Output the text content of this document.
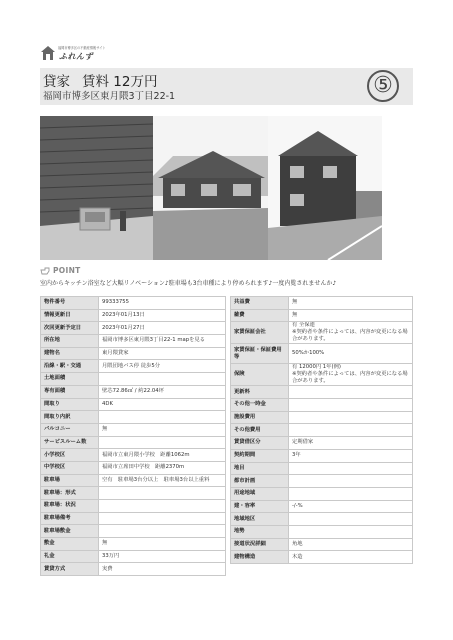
福岡市博多区の不動産情報サイト
ふれんず
貸家 賃料 12万円
福岡市博多区東月隈3丁目22-1	⑤
POINT
室内からキッチン浴室など大幅リノベーション♪駐車場も3台車種により停められます♪一度内覧されませんか♪
物件番号	99333755
情報更新日	2023年01月13日
次回更新予定日	2023年01月27日
所在地	福岡市博多区東月隈3丁目22-1 mapを見る
建物名	東月隈貸家
沿線・駅・交通	月隈団地バス停 徒歩5分
土地面積	
専有面積	壁芯72.86㎡ / 約22.04坪
間取り	4DK
間取り内訳	
バルコニー	無
サービスルーム数	
小学校区	福岡市立東月隈小学校　距離1062m
中学校区	福岡市立席田中学校　距離2370m
駐車場	空有　駐車場3台分以上　駐車場3台以上重料
駐車場：形式	
駐車場：状況	
駐車場備考	
駐車場敷金	
敷金	無
礼金	33万円
賃貸方式	実費
共益費	無
雑費	無
家賃保証会社	有 全保連
※契約者や条件によっては、内容が変更になる場合があります。
家賃保証・保証費用等	50%か100%
保険	有 12000円 1年(例)
※契約者や条件によっては、内容が変更になる場合があります。
更新料	
その他一時金	
施設費用	
その他費用	
賃貸借区分	定期借家
契約期間	3年
地目	
都市計画	
用途地域	
建・容率	-/-%
地域地区	
地勢	
接道状況詳細	角地
建物構造	木造
